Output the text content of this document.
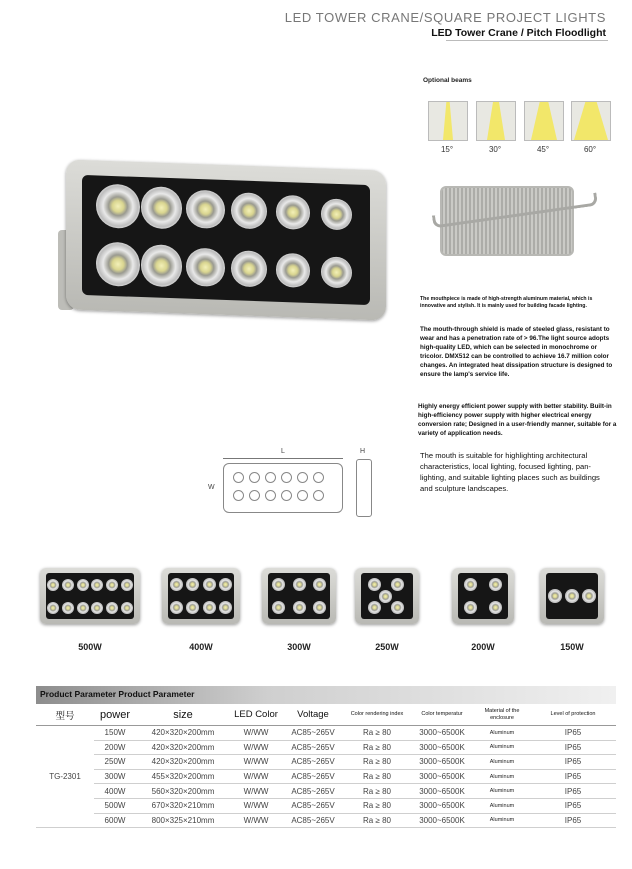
LED TOWER CRANE/SQUARE PROJECT LIGHTS
LED Tower Crane / Pitch Floodlight
Optional beams
15°	30°	45°	60°
The mouthpiece is made of high-strength aluminum material, which is innovative and stylish. It is mainly used for building facade lighting.
The mouth-through shield is made of steeled glass, resistant to wear and has a penetration rate of > 96.The light source adopts high-quality LED, which can be selected in monochrome or tricolor. DMX512 can be controlled to achieve 16.7 million color changes. An integrated heat dissipation structure is designed to ensure the lamp's service life.
Highly energy efficient power supply with better stability. Built-in high-efficiency power supply with higher electrical energy conversion rate; Designed in a user-friendly manner, suitable for a variety of application needs.
The mouth is suitable for highlighting architectural characteristics, local lighting, focused lighting, pan-lighting, and suitable lighting places such as buildings and sculpture landscapes.
L	H
W
500W	400W	300W	250W	200W	150W
Product Parameter Product Parameter
型号	power	size	LED Color	Voltage	Color rendering index	Color temperatur	Material of the enclosure	Level of protection
TG-2301	150W	420×320×200mm	W/WW	AC85~265V	Ra ≥ 80	3000~6500K	Aluminum	IP65
	200W	420×320×200mm	W/WW	AC85~265V	Ra ≥ 80	3000~6500K	Aluminum	IP65
	250W	420×320×200mm	W/WW	AC85~265V	Ra ≥ 80	3000~6500K	Aluminum	IP65
	300W	455×320×200mm	W/WW	AC85~265V	Ra ≥ 80	3000~6500K	Aluminum	IP65
	400W	560×320×200mm	W/WW	AC85~265V	Ra ≥ 80	3000~6500K	Aluminum	IP65
	500W	670×320×210mm	W/WW	AC85~265V	Ra ≥ 80	3000~6500K	Aluminum	IP65
	600W	800×325×210mm	W/WW	AC85~265V	Ra ≥ 80	3000~6500K	Aluminum	IP65
